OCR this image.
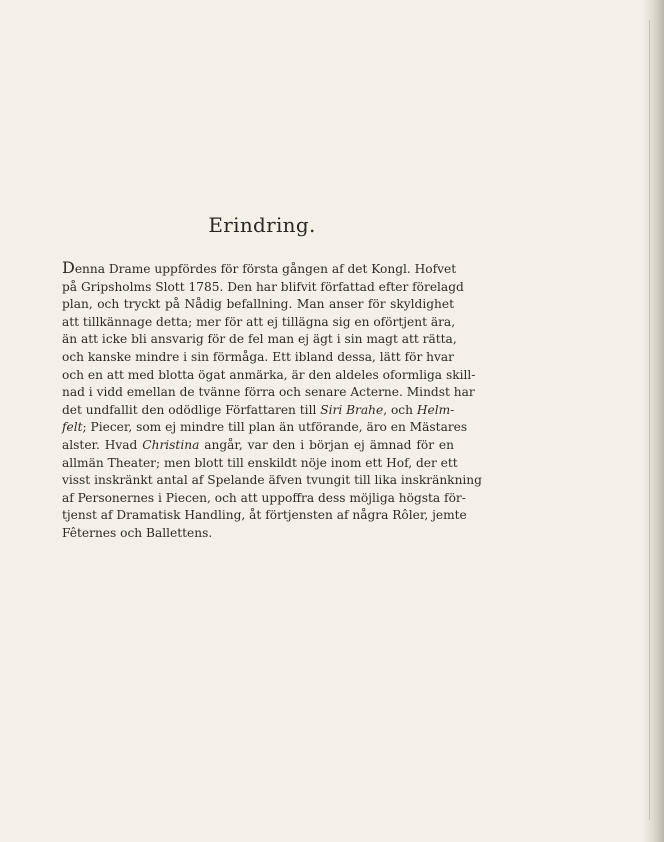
Erindring.
Denna Drame uppfördes för första gången af det Kongl. Hofvet
på Gripsholms Slott 1785. Den har blifvit författad efter förelagd
plan, och tryckt på Nådig befallning. Man anser för skyldighet
att tillkännage detta; mer för att ej tillägna sig en oförtjent ära,
än att icke bli ansvarig för de fel man ej ägt i sin magt att rätta,
och kanske mindre i sin förmåga. Ett ibland dessa, lätt för hvar
och en att med blotta ögat anmärka, är den aldeles oformliga skill-
nad i vidd emellan de tvänne förra och senare Acterne. Mindst har
det undfallit den odödlige Författaren till Siri Brahe, och Helm-
felt; Piecer, som ej mindre till plan än utförande, äro en Mästares
alster. Hvad Christina angår, var den i början ej ämnad för en
allmän Theater; men blott till enskildt nöje inom ett Hof, der ett
visst inskränkt antal af Spelande äfven tvungit till lika inskränkning
af Personernes i Piecen, och att uppoffra dess möjliga högsta för-
tjenst af Dramatisk Handling, åt förtjensten af några Rôler, jemte
Fêternes och Ballettens.
